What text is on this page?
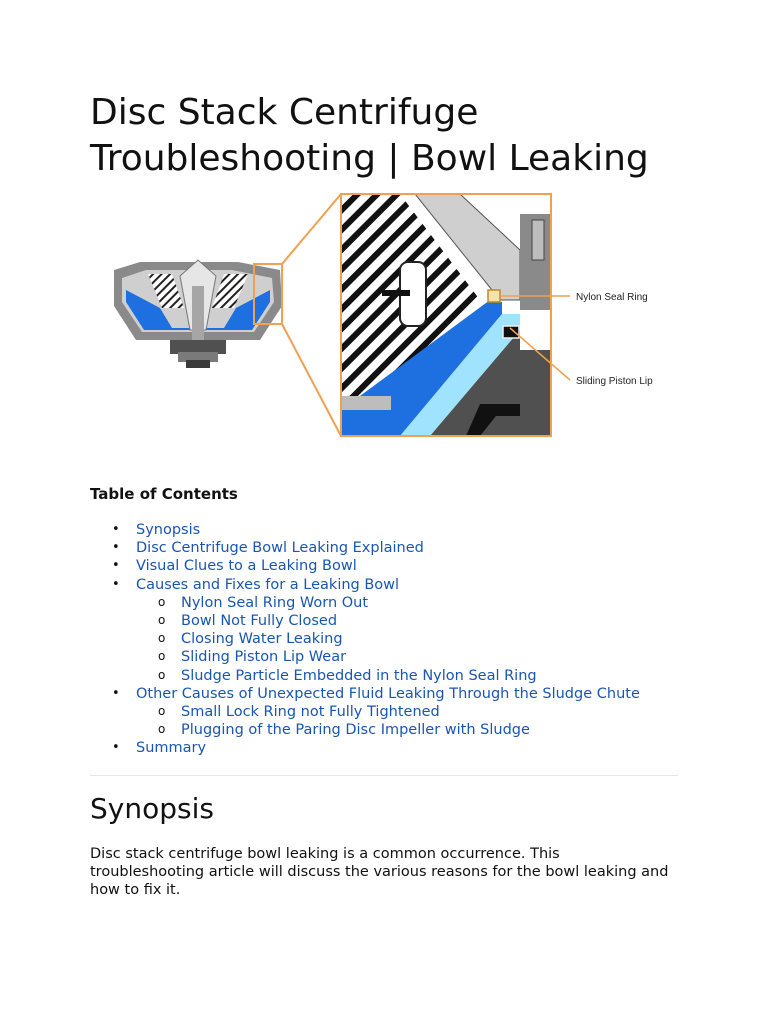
Disc Stack Centrifuge Troubleshooting | Bowl Leaking
Nylon Seal Ring
Sliding Piston Lip
Table of Contents
• Synopsis
• Disc Centrifuge Bowl Leaking Explained
• Visual Clues to a Leaking Bowl
• Causes and Fixes for a Leaking Bowl
o Nylon Seal Ring Worn Out
o Bowl Not Fully Closed
o Closing Water Leaking
o Sliding Piston Lip Wear
o Sludge Particle Embedded in the Nylon Seal Ring
• Other Causes of Unexpected Fluid Leaking Through the Sludge Chute
o Small Lock Ring not Fully Tightened
o Plugging of the Paring Disc Impeller with Sludge
• Summary
Synopsis

Disc stack centrifuge bowl leaking is a common occurrence. This troubleshooting article will discuss the various reasons for the bowl leaking and how to fix it.
